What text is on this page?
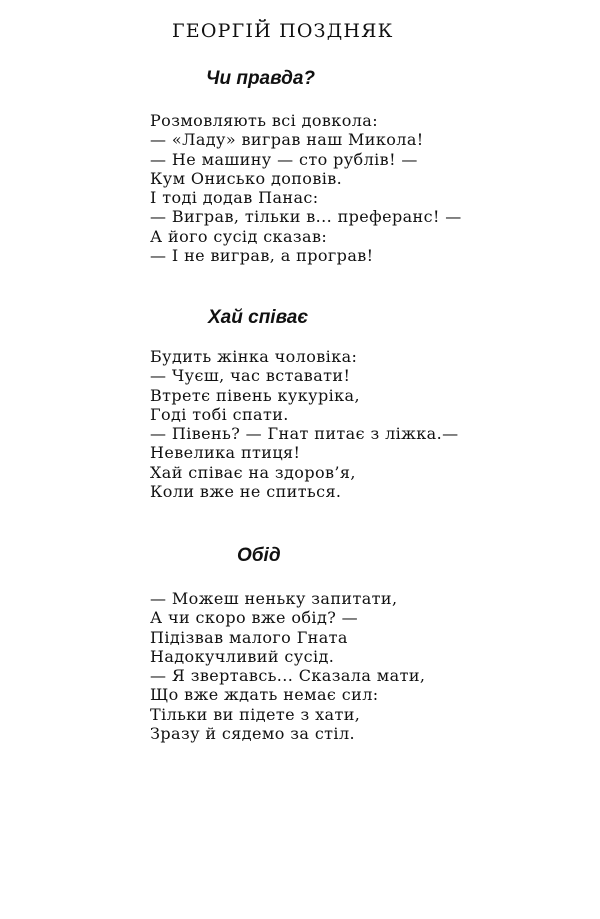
ГЕОРГІЙ ПОЗДНЯК
Чи правда?
Розмовляють всі довкола:
— «Ладу» виграв наш Микола!
— Не машину — сто рублів! —
Кум Онисько доповів.
І тоді додав Панас:
— Виграв, тільки в... преферанс! —
А його сусід сказав:
— І не виграв, а програв!
Хай співає
Будить жінка чоловіка:
— Чуєш, час вставати!
Втретє півень кукуріка,
Годі тобі спати.
— Півень? — Гнат питає з ліжка.—
Невелика птиця!
Хай співає на здоров’я,
Коли вже не спиться.
Обід
— Можеш неньку запитати,
А чи скоро вже обід? —
Підізвав малого Гната
Надокучливий сусід.
— Я звертавсь... Сказала мати,
Що вже ждать немає сил:
Тільки ви підете з хати,
Зразу й сядемо за стіл.
